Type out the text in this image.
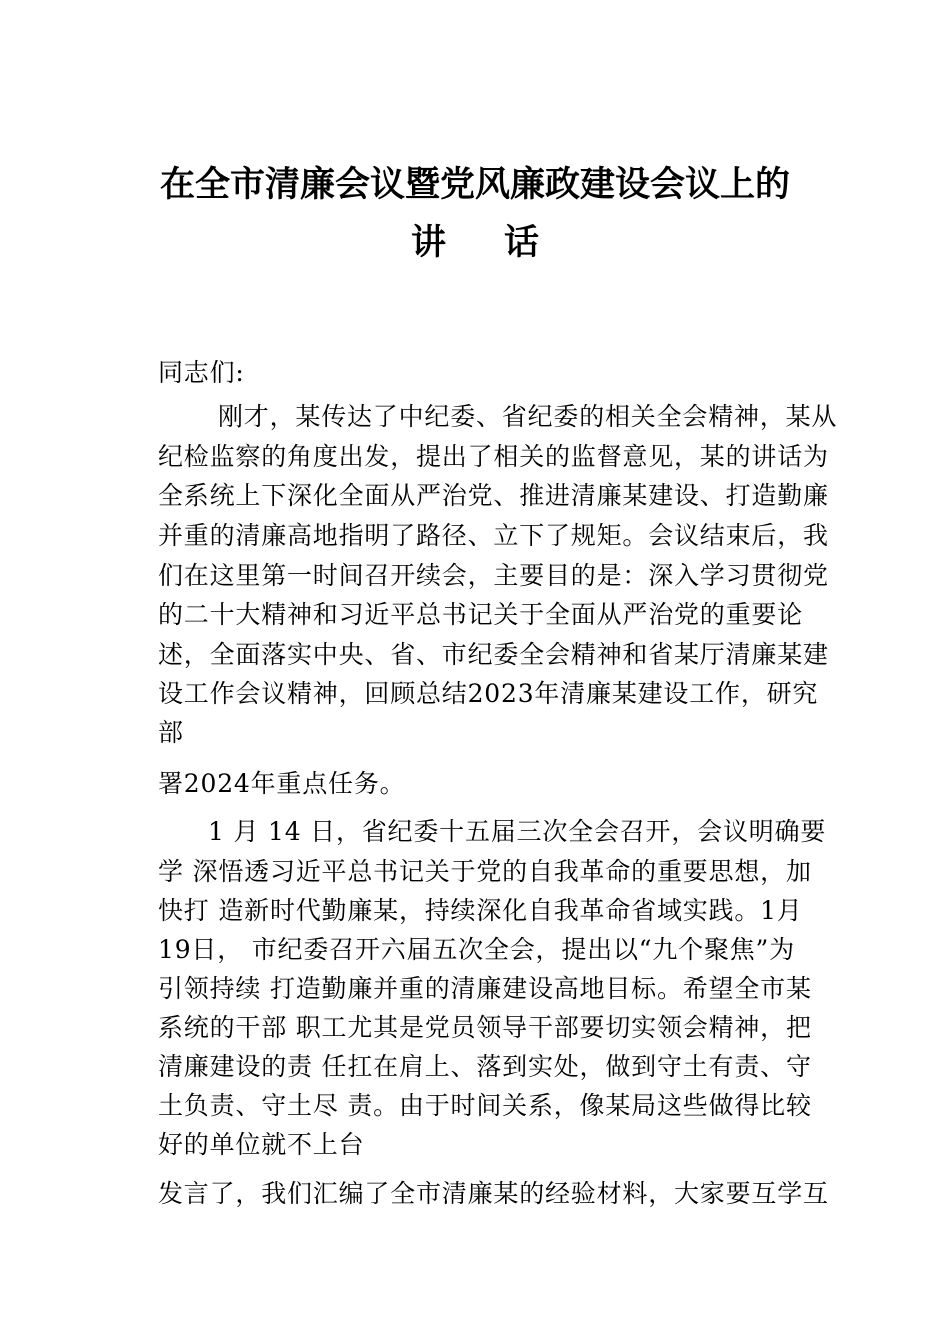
在全市清廉会议暨党风廉政建设会议上的
讲 话
同志们:
刚才，某传达了中纪委、省纪委的相关全会精神，某从
纪检监察的角度出发，提出了相关的监督意见，某的讲话为
全系统上下深化全面从严治党、推进清廉某建设、打造勤廉
并重的清廉高地指明了路径、立下了规矩。会议结束后，我
们在这里第一时间召开续会，主要目的是：深入学习贯彻党
的二十大精神和习近平总书记关于全面从严治党的重要论
述，全面落实中央、省、市纪委全会精神和省某厅清廉某建
设工作会议精神，回顾总结2023年清廉某建设工作，研究
部
署2024年重点任务。
1 月 14 日，省纪委十五届三次全会召开，会议明确要
学 深悟透习近平总书记关于党的自我革命的重要思想，加
快打 造新时代勤廉某，持续深化自我革命省域实践。1月
19日， 市纪委召开六届五次全会，提出以“九个聚焦”为
引领持续 打造勤廉并重的清廉建设高地目标。希望全市某
系统的干部 职工尤其是党员领导干部要切实领会精神，把
清廉建设的责 任扛在肩上、落到实处，做到守土有责、守
土负责、守土尽 责。由于时间关系，像某局这些做得比较
好的单位就不上台
发言了，我们汇编了全市清廉某的经验材料，大家要互学互
